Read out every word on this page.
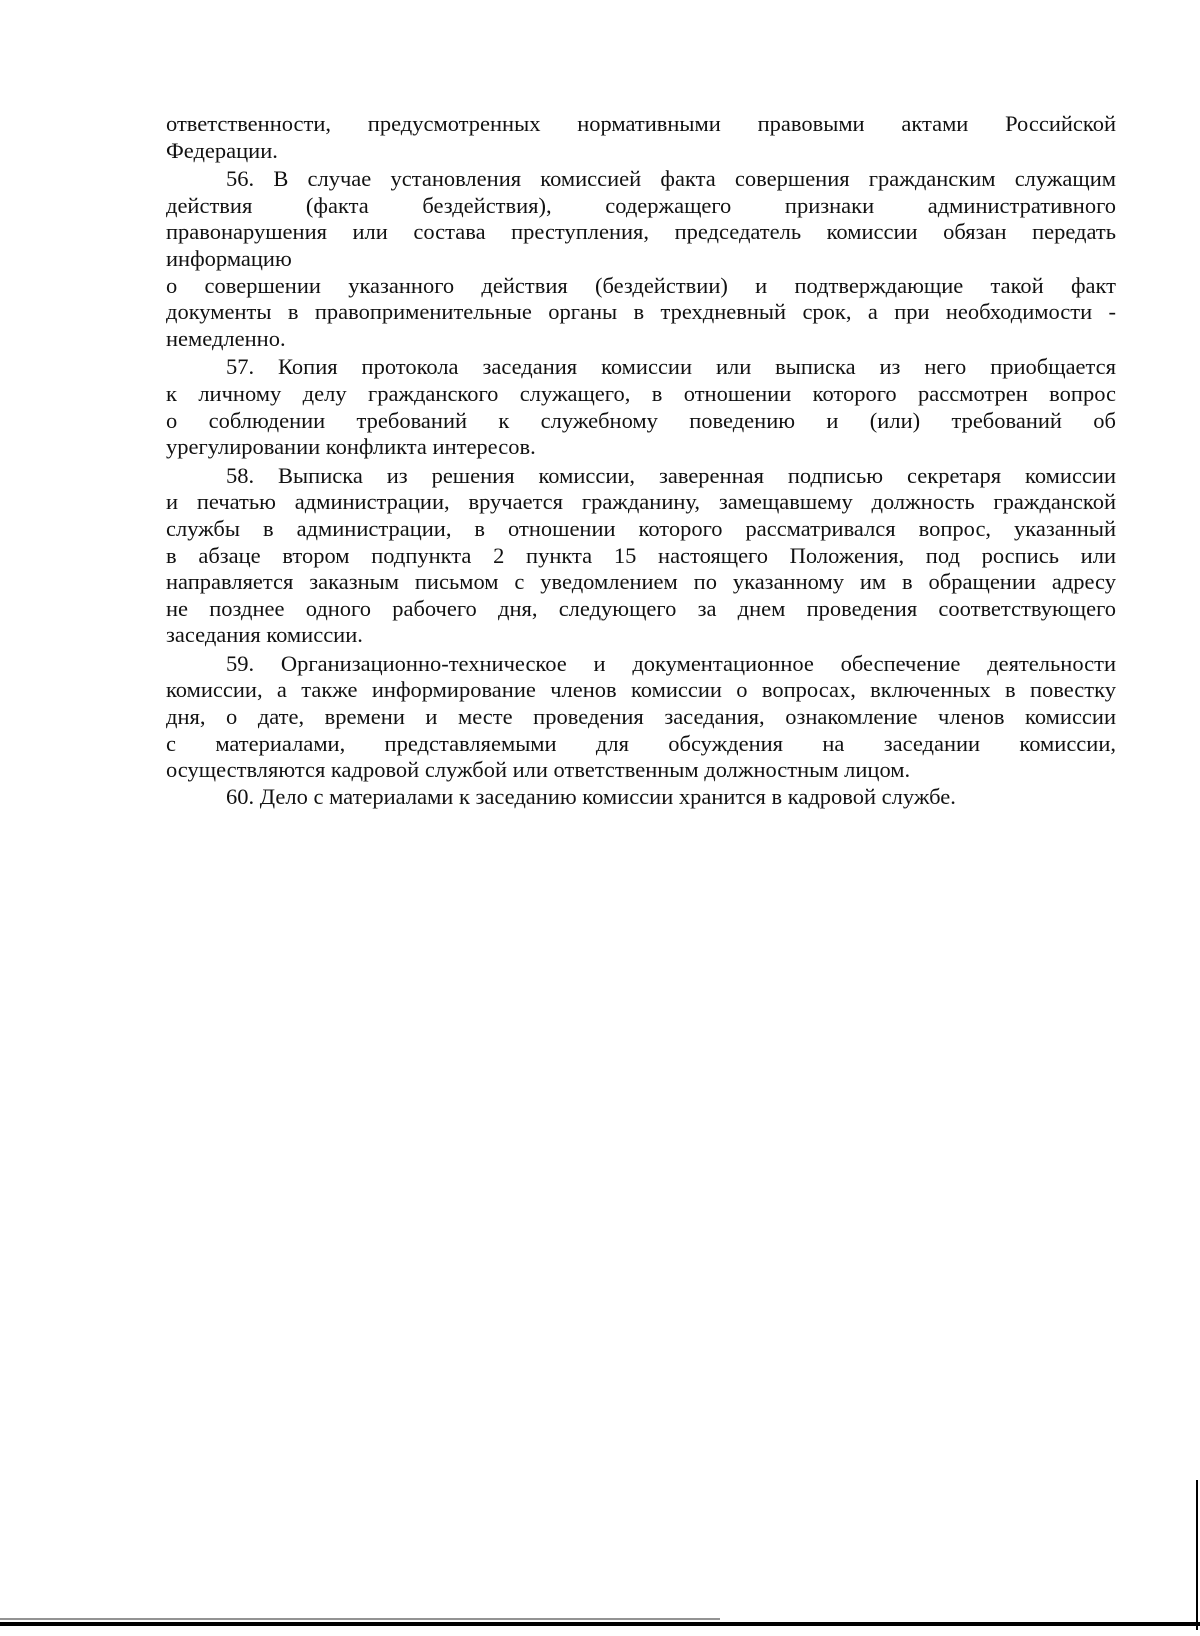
ответственности, предусмотренных нормативными правовыми актами Российской
Федерации.
56. В случае установления комиссией факта совершения гражданским служащим
действия (факта бездействия), содержащего признаки административного
правонарушения или состава преступления, председатель комиссии обязан передать
информацию
о совершении указанного действия (бездействии) и подтверждающие такой факт
документы в правоприменительные органы в трехдневный срок, а при необходимости -
немедленно.
57. Копия протокола заседания комиссии или выписка из него приобщается
к личному делу гражданского служащего, в отношении которого рассмотрен вопрос
о соблюдении требований к служебному поведению и (или) требований об
урегулировании конфликта интересов.
58. Выписка из решения комиссии, заверенная подписью секретаря комиссии
и печатью администрации, вручается гражданину, замещавшему должность гражданской
службы в администрации, в отношении которого рассматривался вопрос, указанный
в абзаце втором подпункта 2 пункта 15 настоящего Положения, под роспись или
направляется заказным письмом с уведомлением по указанному им в обращении адресу
не позднее одного рабочего дня, следующего за днем проведения соответствующего
заседания комиссии.
59. Организационно-техническое и документационное обеспечение деятельности
комиссии, а также информирование членов комиссии о вопросах, включенных в повестку
дня, о дате, времени и месте проведения заседания, ознакомление членов комиссии
с материалами, представляемыми для обсуждения на заседании комиссии,
осуществляются кадровой службой или ответственным должностным лицом.
60. Дело с материалами к заседанию комиссии хранится в кадровой службе.
